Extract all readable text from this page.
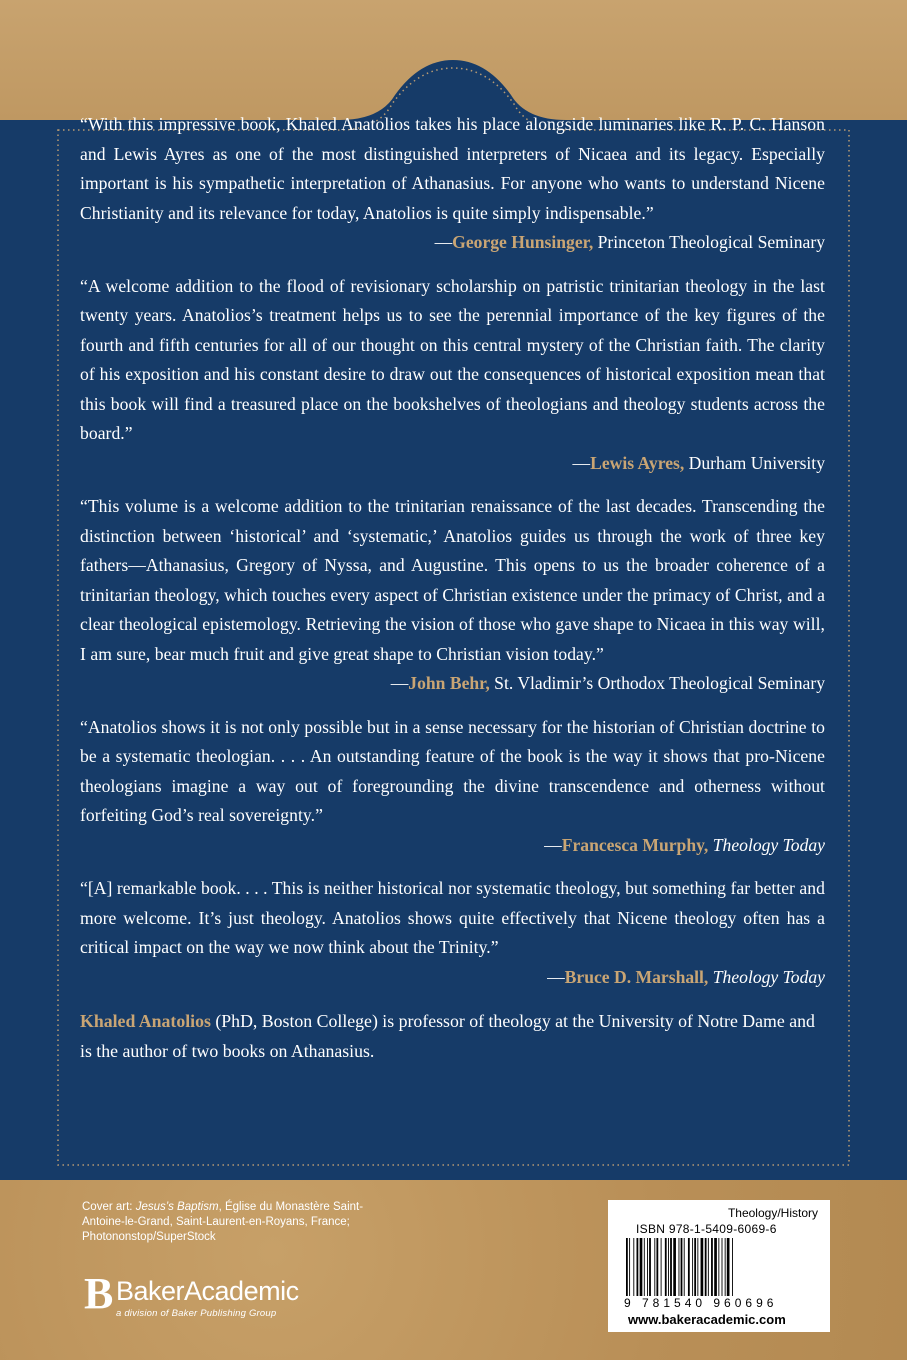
“With this impressive book, Khaled Anatolios takes his place alongside luminaries like R. P. C. Hanson and Lewis Ayres as one of the most distinguished interpreters of Nicaea and its legacy. Especially important is his sympathetic interpretation of Athanasius. For anyone who wants to understand Nicene Christianity and its relevance for today, Anatolios is quite simply indispensable.”

—George Hunsinger, Princeton Theological Seminary

“A welcome addition to the flood of revisionary scholarship on patristic trinitarian theology in the last twenty years. Anatolios’s treatment helps us to see the perennial importance of the key figures of the fourth and fifth centuries for all of our thought on this central mystery of the Christian faith. The clarity of his exposition and his constant desire to draw out the consequences of historical exposition mean that this book will find a treasured place on the bookshelves of theologians and theology students across the board.”

—Lewis Ayres, Durham University

“This volume is a welcome addition to the trinitarian renaissance of the last decades. Transcending the distinction between ‘historical’ and ‘systematic,’ Anatolios guides us through the work of three key fathers—Athanasius, Gregory of Nyssa, and Augustine. This opens to us the broader coherence of a trinitarian theology, which touches every aspect of Christian existence under the primacy of Christ, and a clear theological epistemology. Retrieving the vision of those who gave shape to Nicaea in this way will, I am sure, bear much fruit and give great shape to Christian vision today.”

—John Behr, St. Vladimir’s Orthodox Theological Seminary

“Anatolios shows it is not only possible but in a sense necessary for the historian of Christian doctrine to be a systematic theologian. . . . An outstanding feature of the book is the way it shows that pro-Nicene theologians imagine a way out of foregrounding the divine transcendence and otherness without forfeiting God’s real sovereignty.”

—Francesca Murphy, Theology Today

“[A] remarkable book. . . . This is neither historical nor systematic theology, but something far better and more welcome. It’s just theology. Anatolios shows quite effectively that Nicene theology often has a critical impact on the way we now think about the Trinity.”

—Bruce D. Marshall, Theology Today

Khaled Anatolios (PhD, Boston College) is professor of theology at the University of Notre Dame and is the author of two books on Athanasius.

Cover art: Jesus’s Baptism, Église du Monastère Saint-Antoine-le-Grand, Saint-Laurent-en-Royans, France; Photononstop/SuperStock
B BakerAcademic
a division of Baker Publishing Group
Theology/History
ISBN 978-1-5409-6069-6
9 781540 960696
www.bakeracademic.com
